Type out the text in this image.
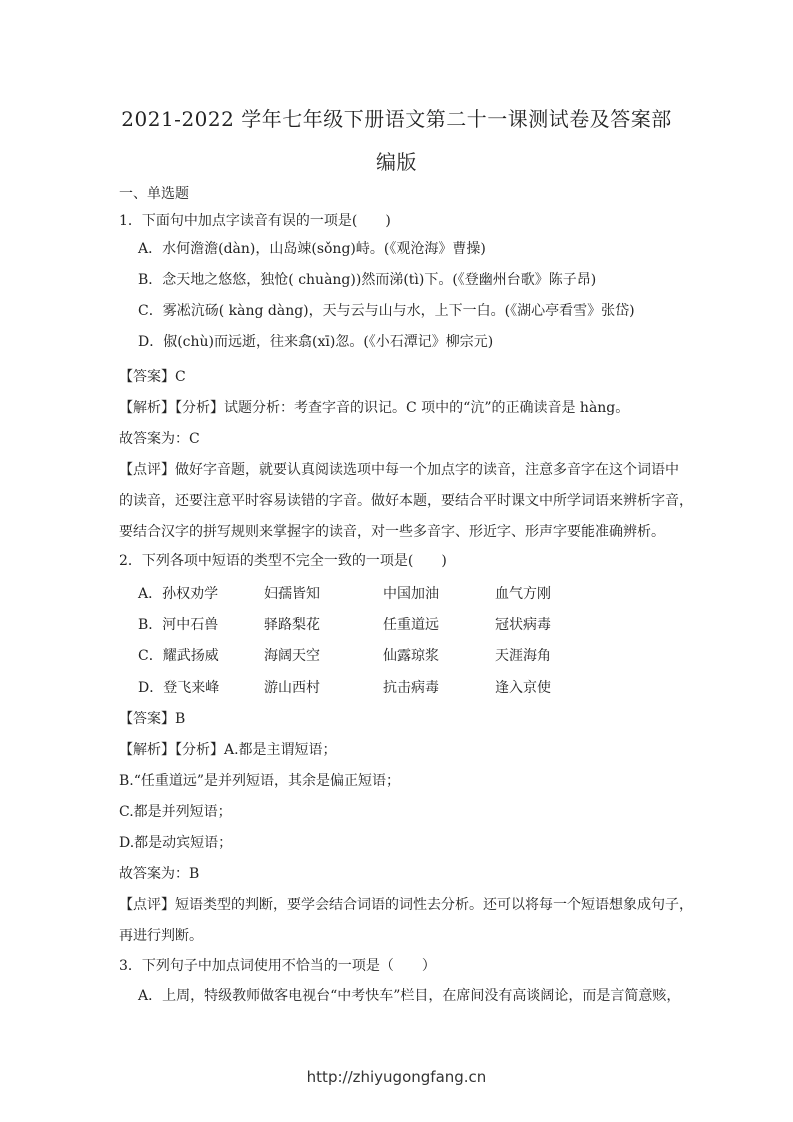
2021-2022 学年七年级下册语文第二十一课测试卷及答案部
编版
一、单选题
1．下面句中加点字读音有误的一项是(　　)
A．水何澹澹(dàn)，山岛竦(sǒng)峙。(《观沧海》曹操)
B．念天地之悠悠，独怆( chuàng))然而涕(tì)下。(《登幽州台歌》陈子昂)
C．雾凇沆砀( kàng dàng)，天与云与山与水，上下一白。(《湖心亭看雪》张岱)
D．俶(chù)而远逝，往来翕(xī)忽。(《小石潭记》柳宗元)
【答案】C
【解析】【分析】试题分析：考查字音的识记。C 项中的“沆”的正确读音是 hàng。
故答案为：C
【点评】做好字音题，就要认真阅读选项中每一个加点字的读音，注意多音字在这个词语中
的读音，还要注意平时容易读错的字音。做好本题，要结合平时课文中所学词语来辨析字音，
要结合汉字的拼写规则来掌握字的读音，对一些多音字、形近字、形声字要能准确辨析。
2．下列各项中短语的类型不完全一致的一项是(　　)
A．孙权劝学	妇孺皆知	中国加油	血气方刚
B．河中石兽	驿路梨花	任重道远	冠状病毒
C．耀武扬威	海阔天空	仙露琼浆	天涯海角
D．登飞来峰	游山西村	抗击病毒	逢入京使
【答案】B
【解析】【分析】A.都是主谓短语；
B.“任重道远”是并列短语，其余是偏正短语；
C.都是并列短语；
D.都是动宾短语；
故答案为：B
【点评】短语类型的判断，要学会结合词语的词性去分析。还可以将每一个短语想象成句子，
再进行判断。
3．下列句子中加点词使用不恰当的一项是（　　）
A．上周，特级教师做客电视台“中考快车”栏目，在席间没有高谈阔论，而是言简意赅，
http://zhiyugongfang.cn
